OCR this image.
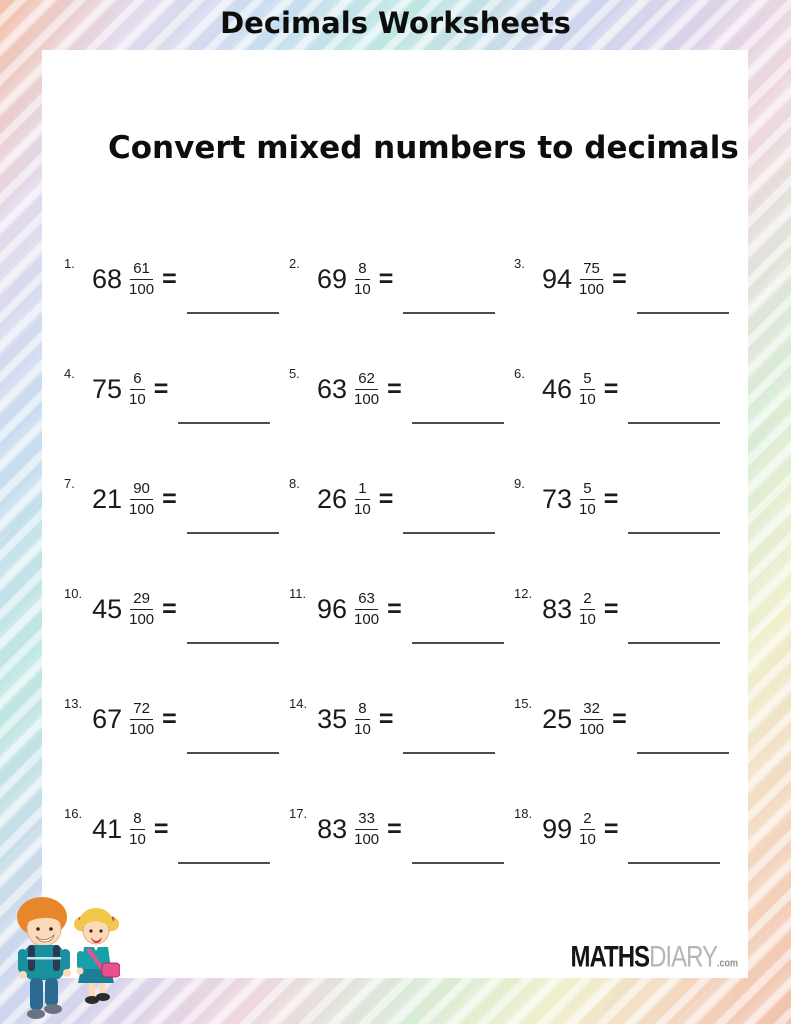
Decimals Worksheets
Convert mixed numbers to decimals
1. $68 \frac{61}{100}$ =
2. $69 \frac{8}{10}$ =
3. $94 \frac{75}{100}$ =
4. $75 \frac{6}{10}$ =
5. $63 \frac{62}{100}$ =
6. $46 \frac{5}{10}$ =
7. $21 \frac{90}{100}$ =
8. $26 \frac{1}{10}$ =
9. $73 \frac{5}{10}$ =
10. $45 \frac{29}{100}$ =
11. $96 \frac{63}{100}$ =
12. $83 \frac{2}{10}$ =
13. $67 \frac{72}{100}$ =
14. $35 \frac{8}{10}$ =
15. $25 \frac{32}{100}$ =
16. $41 \frac{8}{10}$ =
17. $83 \frac{33}{100}$ =
18. $99 \frac{2}{10}$ =
MATHSDIARY.com
